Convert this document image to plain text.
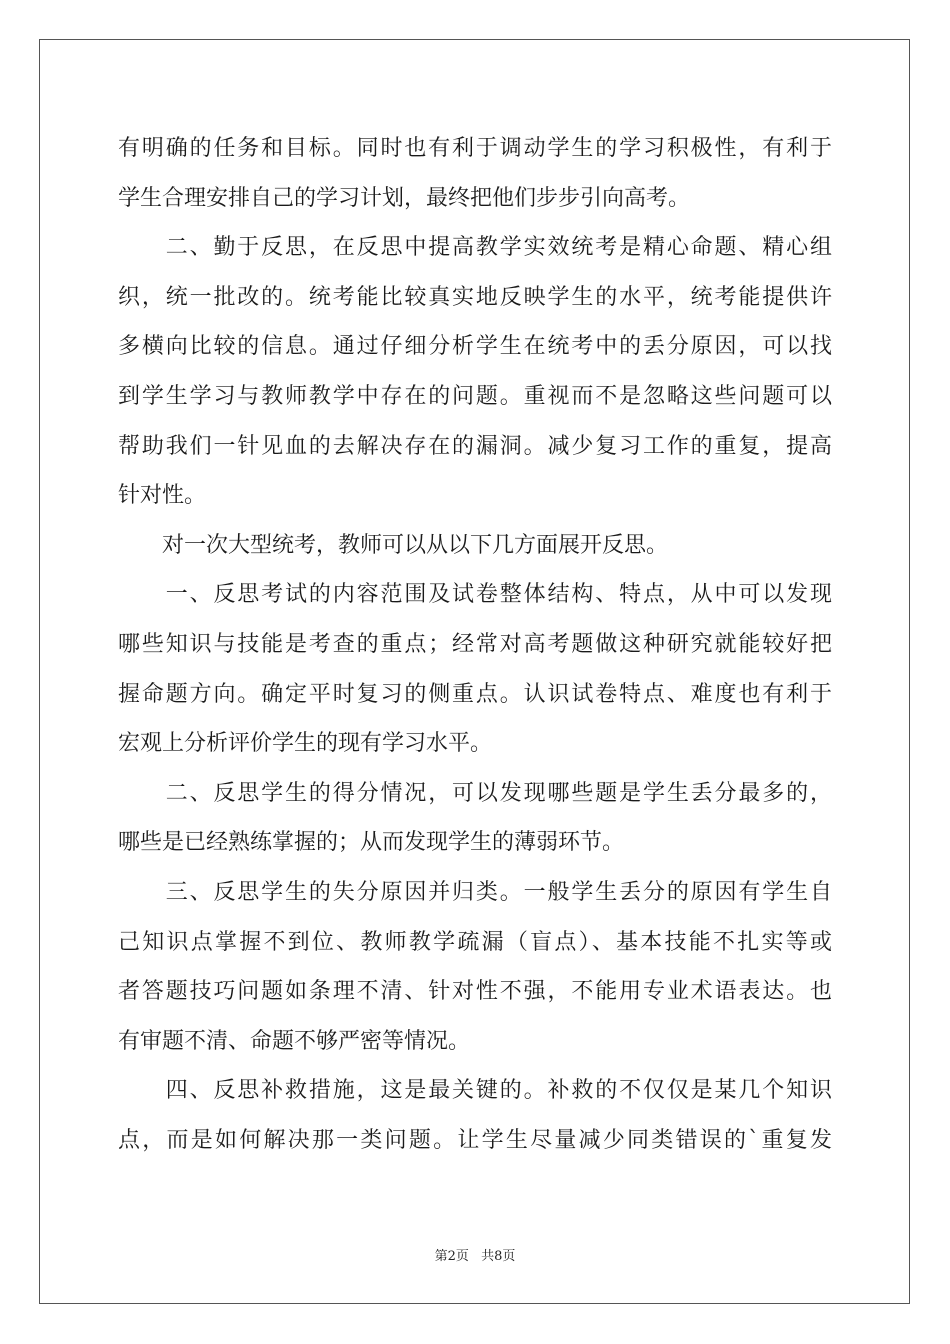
有明确的任务和目标。同时也有利于调动学生的学习积极性，有利于
学生合理安排自己的学习计划，最终把他们步步引向高考。
　　二、勤于反思，在反思中提高教学实效统考是精心命题、精心组
织，统一批改的。统考能比较真实地反映学生的水平，统考能提供许
多横向比较的信息。通过仔细分析学生在统考中的丢分原因，可以找
到学生学习与教师教学中存在的问题。重视而不是忽略这些问题可以
帮助我们一针见血的去解决存在的漏洞。减少复习工作的重复，提高
针对性。
　　对一次大型统考，教师可以从以下几方面展开反思。
　　一、反思考试的内容范围及试卷整体结构、特点，从中可以发现
哪些知识与技能是考查的重点；经常对高考题做这种研究就能较好把
握命题方向。确定平时复习的侧重点。认识试卷特点、难度也有利于
宏观上分析评价学生的现有学习水平。
　　二、反思学生的得分情况，可以发现哪些题是学生丢分最多的，
哪些是已经熟练掌握的；从而发现学生的薄弱环节。
　　三、反思学生的失分原因并归类。一般学生丢分的原因有学生自
己知识点掌握不到位、教师教学疏漏（盲点）、基本技能不扎实等或
者答题技巧问题如条理不清、针对性不强，不能用专业术语表达。也
有审题不清、命题不够严密等情况。
　　四、反思补救措施，这是最关键的。补救的不仅仅是某几个知识
点，而是如何解决那一类问题。让学生尽量减少同类错误的`重复发
第2页 共8页
